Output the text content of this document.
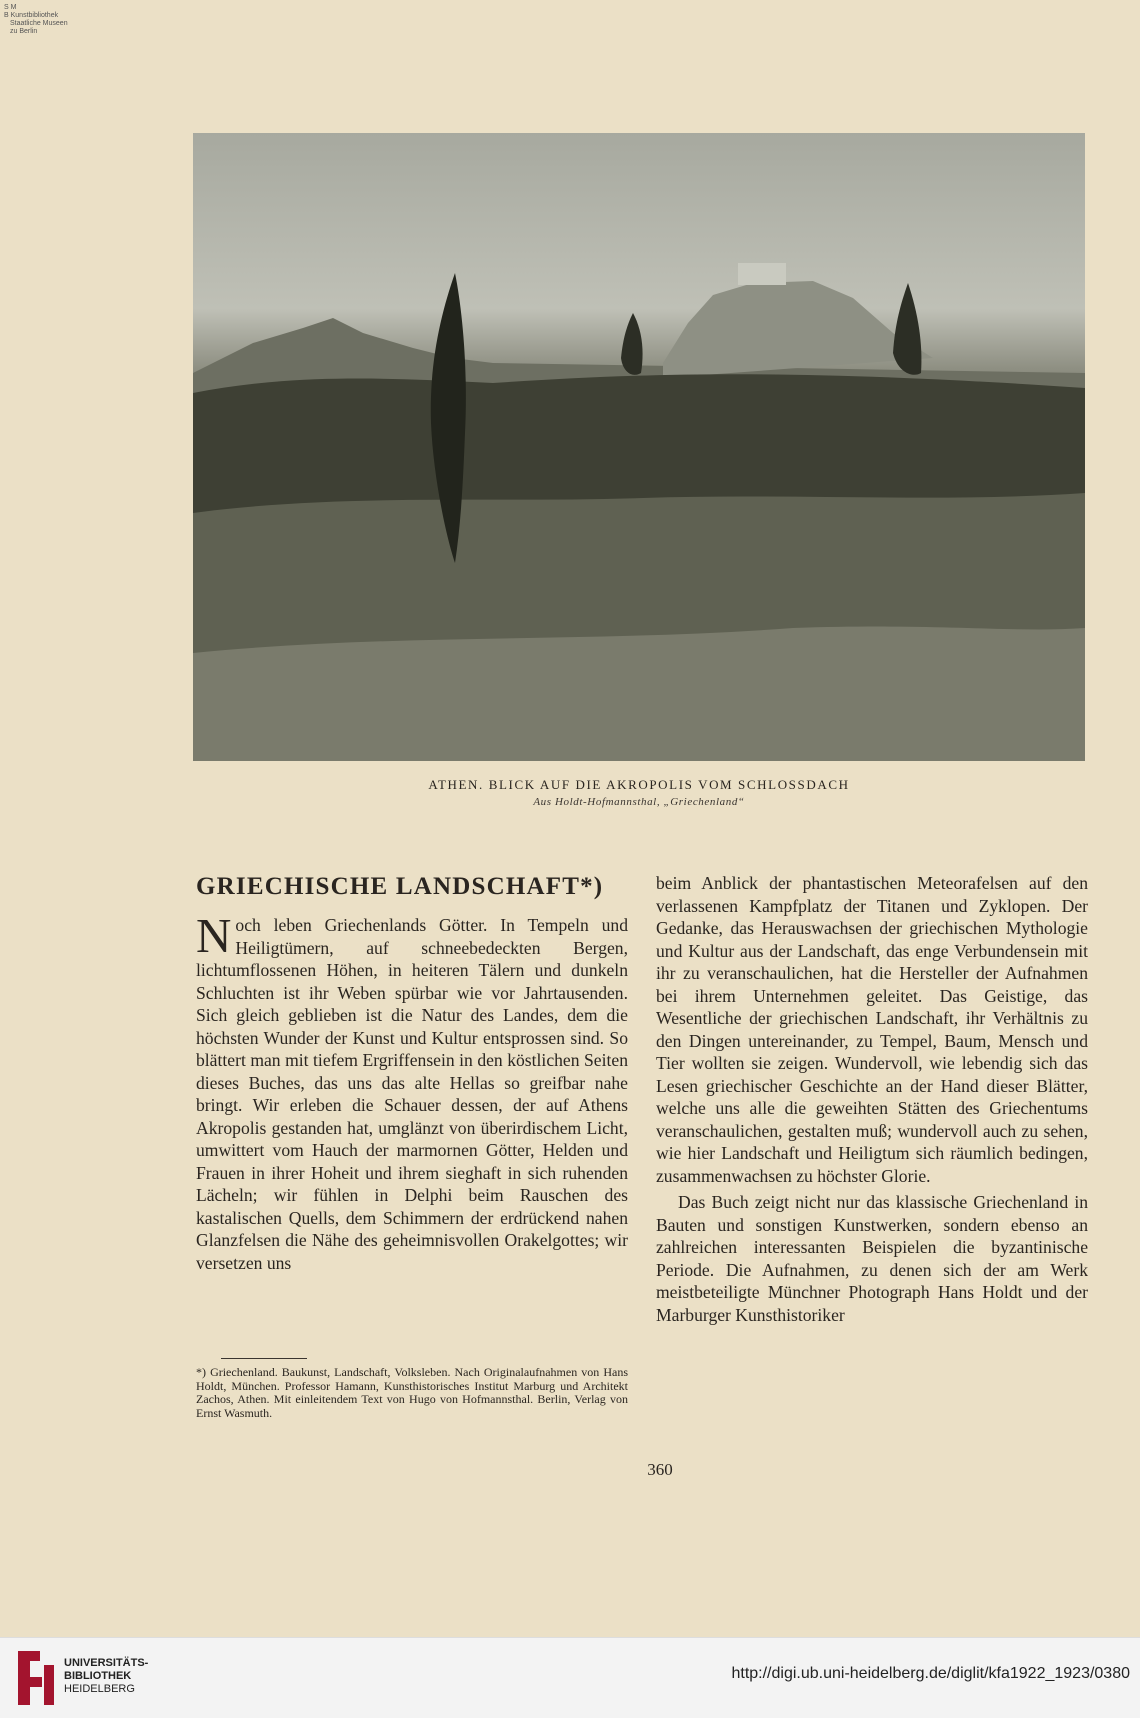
S M
B Kunstbibliothek
Staatliche Museen
zu Berlin
ATHEN. BLICK AUF DIE AKROPOLIS VOM SCHLOSSDACH
Aus Holdt-Hofmannsthal, „Griechenland“
GRIECHISCHE LANDSCHAFT*)

Noch leben Griechenlands Götter. In Tempeln und Heiligtümern, auf schneebedeckten Bergen, lichtumflossenen Höhen, in heiteren Tälern und dunkeln Schluchten ist ihr Weben spürbar wie vor Jahrtausenden. Sich gleich geblieben ist die Natur des Landes, dem die höchsten Wunder der Kunst und Kultur entsprossen sind. So blättert man mit tiefem Ergriffensein in den köstlichen Seiten dieses Buches, das uns das alte Hellas so greifbar nahe bringt. Wir erleben die Schauer dessen, der auf Athens Akropolis gestanden hat, umglänzt von überirdischem Licht, umwittert vom Hauch der marmornen Götter, Helden und Frauen in ihrer Hoheit und ihrem sieghaft in sich ruhenden Lächeln; wir fühlen in Delphi beim Rauschen des kastalischen Quells, dem Schimmern der erdrückend nahen Glanzfelsen die Nähe des geheimnisvollen Orakelgottes; wir versetzen uns

beim Anblick der phantastischen Meteorafelsen auf den verlassenen Kampfplatz der Titanen und Zyklopen. Der Gedanke, das Herauswachsen der griechischen Mythologie und Kultur aus der Landschaft, das enge Verbundensein mit ihr zu veranschaulichen, hat die Hersteller der Aufnahmen bei ihrem Unternehmen geleitet. Das Geistige, das Wesentliche der griechischen Landschaft, ihr Verhältnis zu den Dingen untereinander, zu Tempel, Baum, Mensch und Tier wollten sie zeigen. Wundervoll, wie lebendig sich das Lesen griechischer Geschichte an der Hand dieser Blätter, welche uns alle die geweihten Stätten des Griechentums veranschaulichen, gestalten muß; wundervoll auch zu sehen, wie hier Landschaft und Heiligtum sich räumlich bedingen, zusammenwachsen zu höchster Glorie.

Das Buch zeigt nicht nur das klassische Griechenland in Bauten und sonstigen Kunstwerken, sondern ebenso an zahlreichen interessanten Beispielen die byzantinische Periode. Die Aufnahmen, zu denen sich der am Werk meistbeteiligte Münchner Photograph Hans Holdt und der Marburger Kunsthistoriker

*) Griechenland. Baukunst, Landschaft, Volksleben. Nach Originalaufnahmen von Hans Holdt, München. Professor Hamann, Kunsthistorisches Institut Marburg und Architekt Zachos, Athen. Mit einleitendem Text von Hugo von Hofmannsthal. Berlin, Verlag von Ernst Wasmuth.
360
UNIVERSITÄTS-
BIBLIOTHEK
HEIDELBERG
http://digi.ub.uni-heidelberg.de/diglit/kfa1922_1923/0380
